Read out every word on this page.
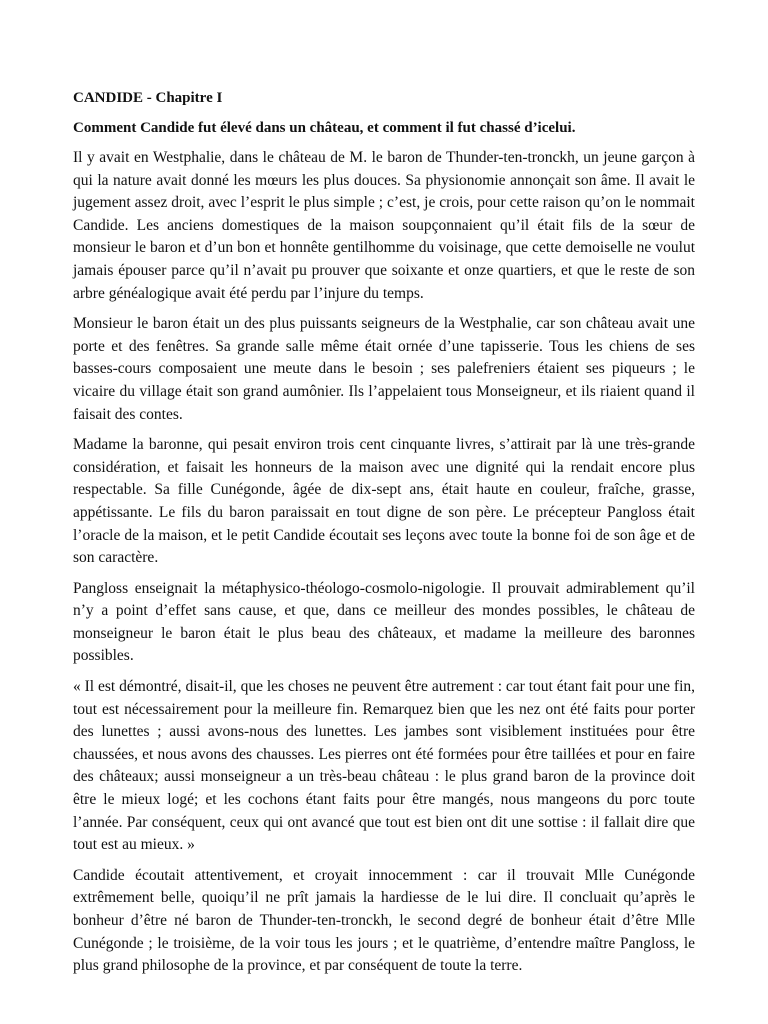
CANDIDE - Chapitre I
Comment Candide fut élevé dans un château, et comment il fut chassé d’icelui.

Il y avait en Westphalie, dans le château de M. le baron de Thunder-ten-tronckh, un jeune garçon à qui la nature avait donné les mœurs les plus douces. Sa physionomie annonçait son âme. Il avait le jugement assez droit, avec l’esprit le plus simple ; c’est, je crois, pour cette raison qu’on le nommait Candide. Les anciens domestiques de la maison soupçonnaient qu’il était fils de la sœur de monsieur le baron et d’un bon et honnête gentilhomme du voisinage, que cette demoiselle ne voulut jamais épouser parce qu’il n’avait pu prouver que soixante et onze quartiers, et que le reste de son arbre généalogique avait été perdu par l’injure du temps.

Monsieur le baron était un des plus puissants seigneurs de la Westphalie, car son château avait une porte et des fenêtres. Sa grande salle même était ornée d’une tapisserie. Tous les chiens de ses basses-cours composaient une meute dans le besoin ; ses palefreniers étaient ses piqueurs ; le vicaire du village était son grand aumônier. Ils l’appelaient tous Monseigneur, et ils riaient quand il faisait des contes.

Madame la baronne, qui pesait environ trois cent cinquante livres, s’attirait par là une très-grande considération, et faisait les honneurs de la maison avec une dignité qui la rendait encore plus respectable. Sa fille Cunégonde, âgée de dix-sept ans, était haute en couleur, fraîche, grasse, appétissante. Le fils du baron paraissait en tout digne de son père. Le précepteur Pangloss était l’oracle de la maison, et le petit Candide écoutait ses leçons avec toute la bonne foi de son âge et de son caractère.

Pangloss enseignait la métaphysico-théologo-cosmolo-nigologie. Il prouvait admirablement qu’il n’y a point d’effet sans cause, et que, dans ce meilleur des mondes possibles, le château de monseigneur le baron était le plus beau des châteaux, et madame la meilleure des baronnes possibles.

« Il est démontré, disait-il, que les choses ne peuvent être autrement : car tout étant fait pour une fin, tout est nécessairement pour la meilleure fin. Remarquez bien que les nez ont été faits pour porter des lunettes ; aussi avons-nous des lunettes. Les jambes sont visiblement instituées pour être chaussées, et nous avons des chausses. Les pierres ont été formées pour être taillées et pour en faire des châteaux; aussi monseigneur a un très-beau château : le plus grand baron de la province doit être le mieux logé; et les cochons étant faits pour être mangés, nous mangeons du porc toute l’année. Par conséquent, ceux qui ont avancé que tout est bien ont dit une sottise : il fallait dire que tout est au mieux. »

Candide écoutait attentivement, et croyait innocemment : car il trouvait Mlle Cunégonde extrêmement belle, quoiqu’il ne prît jamais la hardiesse de le lui dire. Il concluait qu’après le bonheur d’être né baron de Thunder-ten-tronckh, le second degré de bonheur était d’être Mlle Cunégonde ; le troisième, de la voir tous les jours ; et le quatrième, d’entendre maître Pangloss, le plus grand philosophe de la province, et par conséquent de toute la terre.
